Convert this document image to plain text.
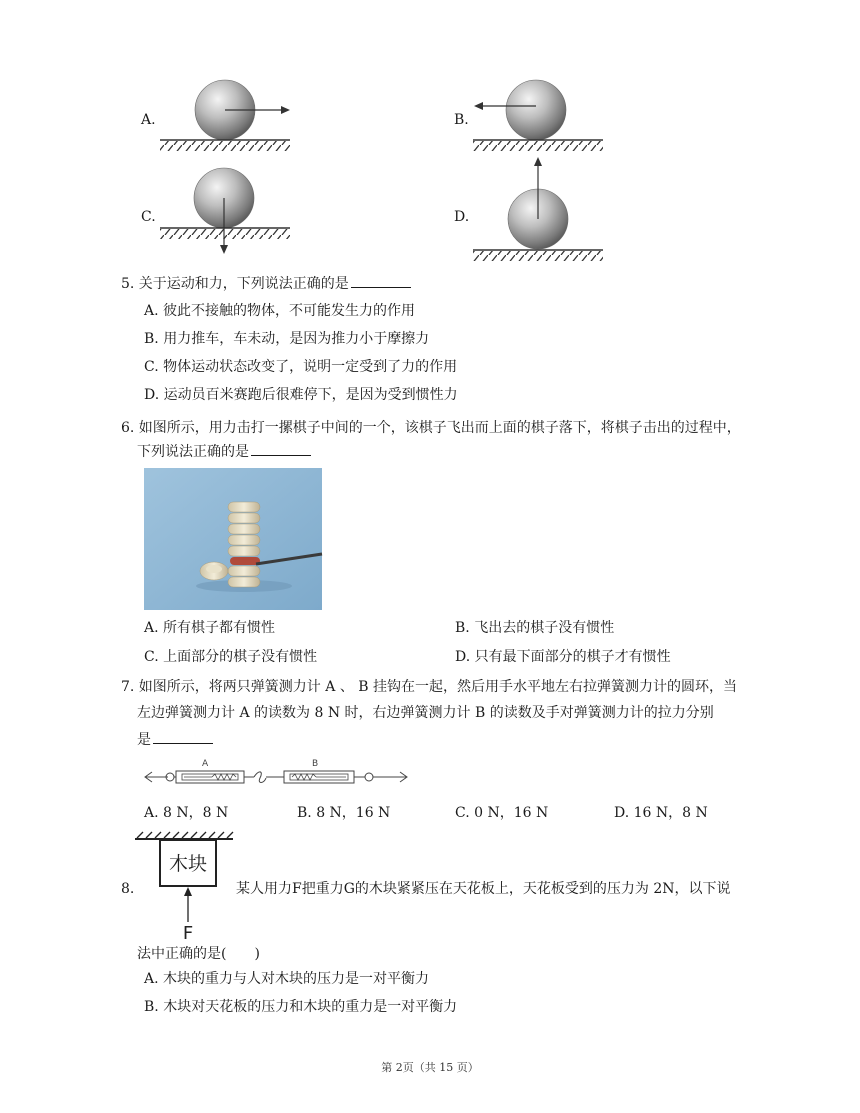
A.	B.
C.	D.
5. 关于运动和力，下列说法正确的是
A. 彼此不接触的物体，不可能发生力的作用
B. 用力推车，车未动，是因为推力小于摩擦力
C. 物体运动状态改变了，说明一定受到了力的作用
D. 运动员百米赛跑后很难停下，是因为受到惯性力
6. 如图所示，用力击打一摞棋子中间的一个，该棋子飞出而上面的棋子落下，将棋子击出的过程中，
下列说法正确的是
A. 所有棋子都有惯性	B. 飞出去的棋子没有惯性
C. 上面部分的棋子没有惯性	D. 只有最下面部分的棋子才有惯性
7. 如图所示，将两只弹簧测力计 A 、 B 挂钩在一起，然后用手水平地左右拉弹簧测力计的圆环，当
左边弹簧测力计 A 的读数为 8 N 时，右边弹簧测力计 B 的读数及手对弹簧测力计的拉力分别
是
A	B
A. 8 N，8 N	B. 8 N，16 N	C. 0 N，16 N	D. 16 N，8 N
8.
木块
F
某人用力F把重力G的木块紧紧压在天花板上，天花板受到的压力为 2N，以下说
法中正确的是(　　)
A. 木块的重力与人对木块的压力是一对平衡力
B. 木块对天花板的压力和木块的重力是一对平衡力
第 2页（共 15 页）
